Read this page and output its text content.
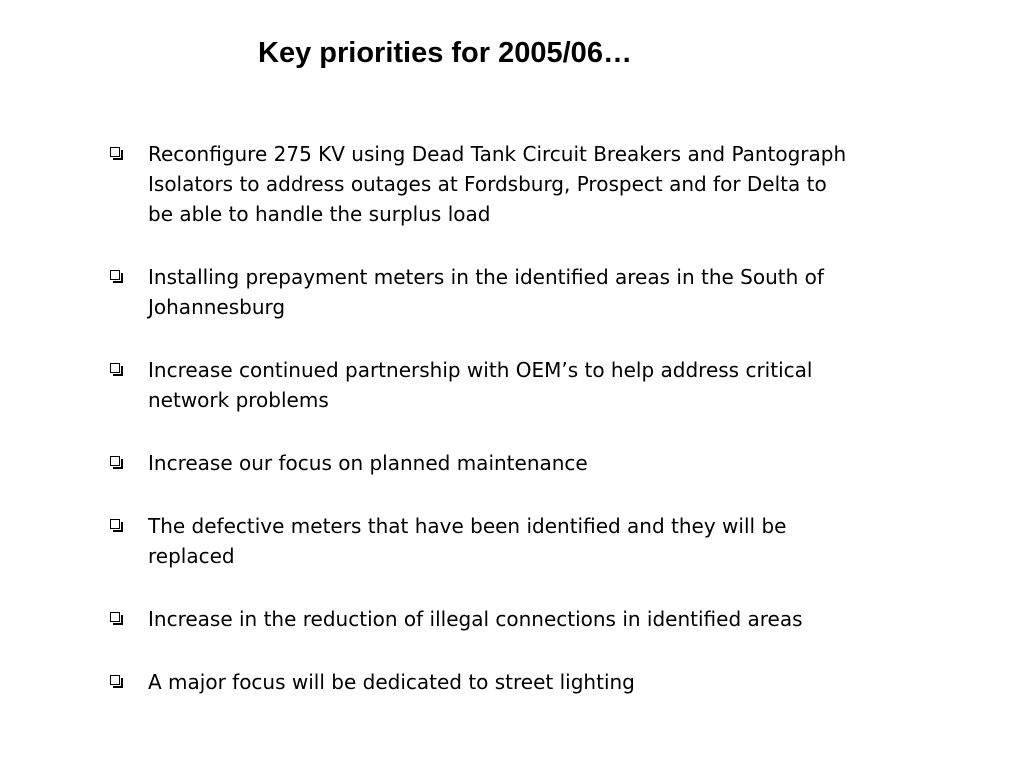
Key priorities for 2005/06…
Reconfigure 275 KV using Dead Tank Circuit Breakers and Pantograph
Isolators to address outages at Fordsburg, Prospect and for Delta to
be able to handle the surplus load
Installing prepayment meters in the identified areas in the South of
Johannesburg
Increase continued partnership with OEM’s to help address critical
network problems
Increase our focus on planned maintenance
The defective meters that have been identified and they will be
replaced
Increase in the reduction of illegal connections in identified areas
A major focus will be dedicated to street lighting
